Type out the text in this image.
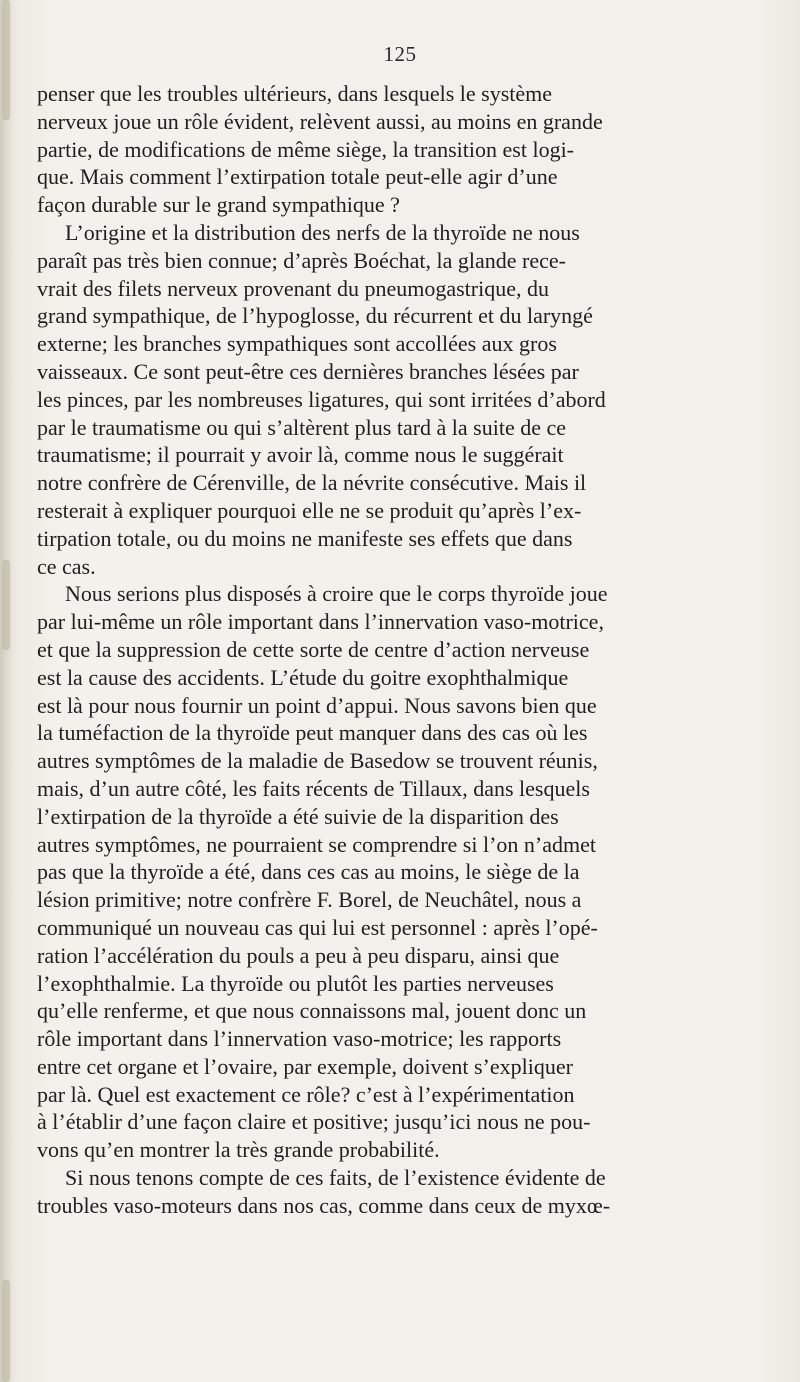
125
penser que les troubles ultérieurs, dans lesquels le système
nerveux joue un rôle évident, relèvent aussi, au moins en grande
partie, de modifications de même siège, la transition est logi-
que. Mais comment l’extirpation totale peut-elle agir d’une
façon durable sur le grand sympathique ?
L’origine et la distribution des nerfs de la thyroïde ne nous
paraît pas très bien connue; d’après Boéchat, la glande rece-
vrait des filets nerveux provenant du pneumogastrique, du
grand sympathique, de l’hypoglosse, du récurrent et du laryngé
externe; les branches sympathiques sont accollées aux gros
vaisseaux. Ce sont peut-être ces dernières branches lésées par
les pinces, par les nombreuses ligatures, qui sont irritées d’abord
par le traumatisme ou qui s’altèrent plus tard à la suite de ce
traumatisme; il pourrait y avoir là, comme nous le suggérait
notre confrère de Cérenville, de la névrite consécutive. Mais il
resterait à expliquer pourquoi elle ne se produit qu’après l’ex-
tirpation totale, ou du moins ne manifeste ses effets que dans
ce cas.
Nous serions plus disposés à croire que le corps thyroïde joue
par lui-même un rôle important dans l’innervation vaso-motrice,
et que la suppression de cette sorte de centre d’action nerveuse
est la cause des accidents. L’étude du goitre exophthalmique
est là pour nous fournir un point d’appui. Nous savons bien que
la tuméfaction de la thyroïde peut manquer dans des cas où les
autres symptômes de la maladie de Basedow se trouvent réunis,
mais, d’un autre côté, les faits récents de Tillaux, dans lesquels
l’extirpation de la thyroïde a été suivie de la disparition des
autres symptômes, ne pourraient se comprendre si l’on n’admet
pas que la thyroïde a été, dans ces cas au moins, le siège de la
lésion primitive; notre confrère F. Borel, de Neuchâtel, nous a
communiqué un nouveau cas qui lui est personnel : après l’opé-
ration l’accélération du pouls a peu à peu disparu, ainsi que
l’exophthalmie. La thyroïde ou plutôt les parties nerveuses
qu’elle renferme, et que nous connaissons mal, jouent donc un
rôle important dans l’innervation vaso-motrice; les rapports
entre cet organe et l’ovaire, par exemple, doivent s’expliquer
par là. Quel est exactement ce rôle? c’est à l’expérimentation
à l’établir d’une façon claire et positive; jusqu’ici nous ne pou-
vons qu’en montrer la très grande probabilité.
Si nous tenons compte de ces faits, de l’existence évidente de
troubles vaso-moteurs dans nos cas, comme dans ceux de myxœ-
